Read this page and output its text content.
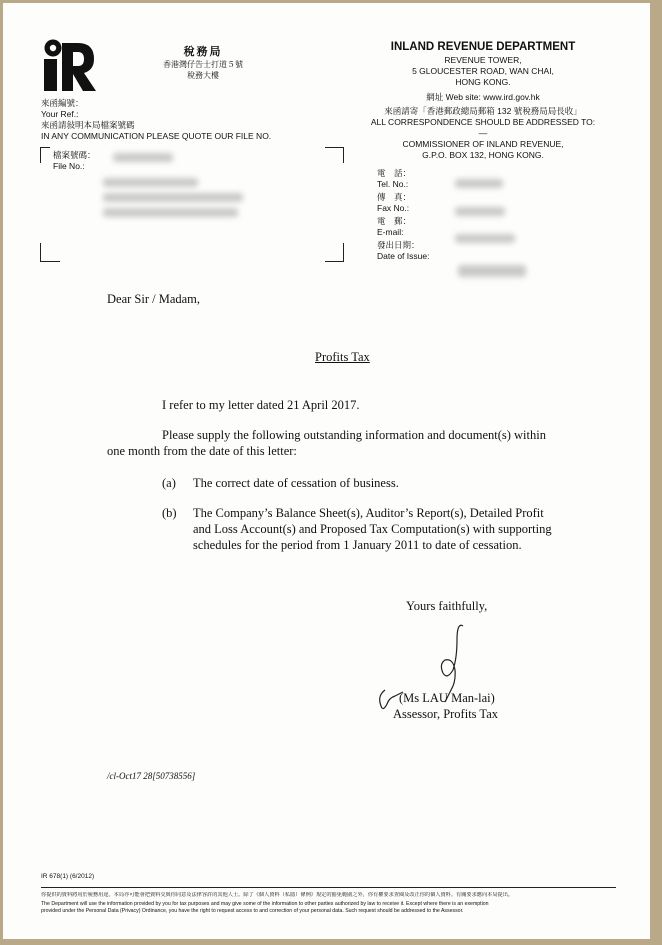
稅務局
香港灣仔告士打道５號
稅務大樓
INLAND REVENUE DEPARTMENT
REVENUE TOWER,
5 GLOUCESTER ROAD, WAN CHAI,
HONG KONG.
網址 Web site: www.ird.gov.hk
來函請寄「香港郵政總局郵箱 132 號稅務局局長收」
ALL CORRESPONDENCE SHOULD BE ADDRESSED TO:—
COMMISSIONER OF INLAND REVENUE,
G.P.O. BOX 132, HONG KONG.
來函編號：
Your Ref.:
來函請敍明本局檔案號碼
IN ANY COMMUNICATION PLEASE QUOTE OUR FILE NO.
檔案號碼：
File No.:
電　話：
Tel. No.:
傳　真：
Fax No.:
電　郵：
E-mail:
發出日期：
Date of Issue:
Dear Sir / Madam,
Profits Tax
I refer to my letter dated 21 April 2017.
Please supply the following outstanding information and document(s) within
one month from the date of this letter:
(a) The correct date of cessation of business.
(b) The Company’s Balance Sheet(s), Auditor’s Report(s), Detailed Profit
and Loss Account(s) and Proposed Tax Computation(s) with supporting
schedules for the period from 1 January 2011 to date of cessation.
Yours faithfully,
(Ms LAU Man-lai)
Assessor, Profits Tax
/cl-Oct17 28[50738556]
IR 678(1) (6/2012)
你提供的資料將用於稅務用途。本局亦可能會把資料交與你同意及法律容許的其他人士。除了《個人資料（私隱）條例》規定的豁免範圍之外，你有權要求查閱及改正你的個人資料。有關要求應向本局提出。
The Department will use the information provided by you for tax purposes and may give some of the information to other parties authorized by law to receive it. Except where there is an exemption
provided under the Personal Data (Privacy) Ordinance, you have the right to request access to and correction of your personal data. Such request should be addressed to the Assessor.
